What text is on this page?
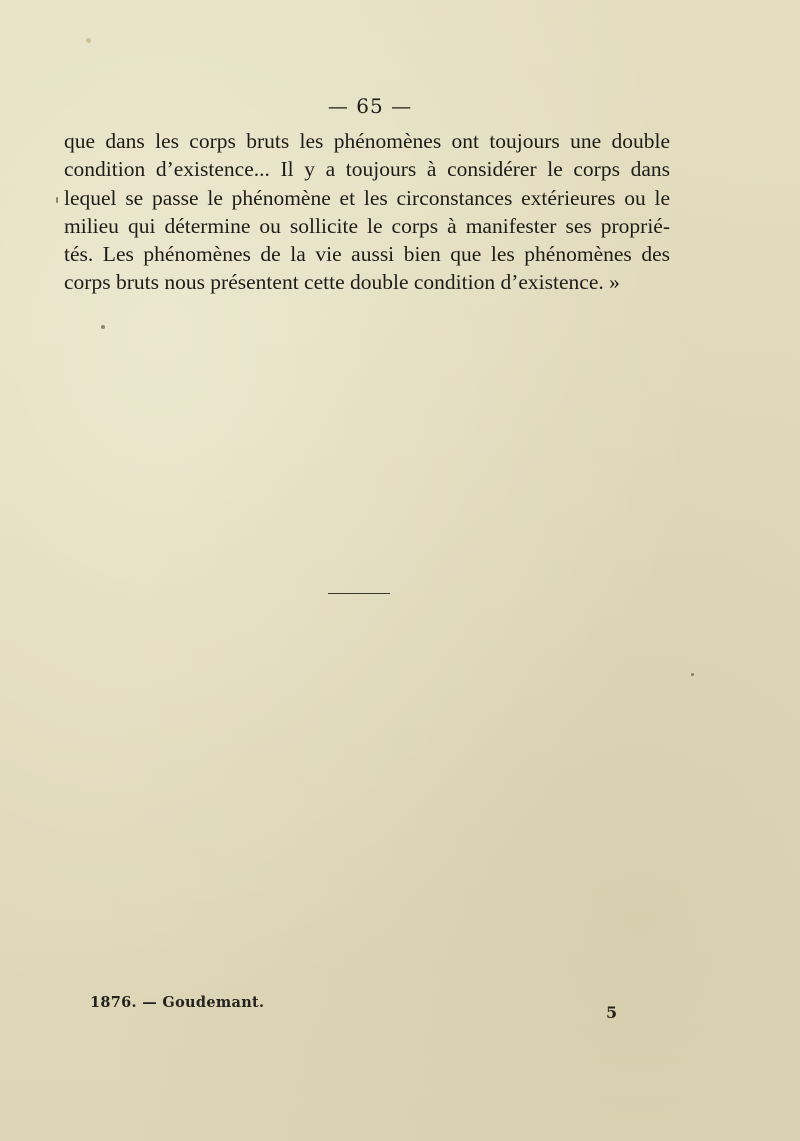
— 65 —
que dans les corps bruts les phénomènes ont toujours une double
condition d’existence... Il y a toujours à considérer le corps dans
lequel se passe le phénomène et les circonstances extérieures ou le
milieu qui détermine ou sollicite le corps à manifester ses proprié-
tés. Les phénomènes de la vie aussi bien que les phénomènes des
corps bruts nous présentent cette double condition d’existence. »
1876. — Goudemant.
5
